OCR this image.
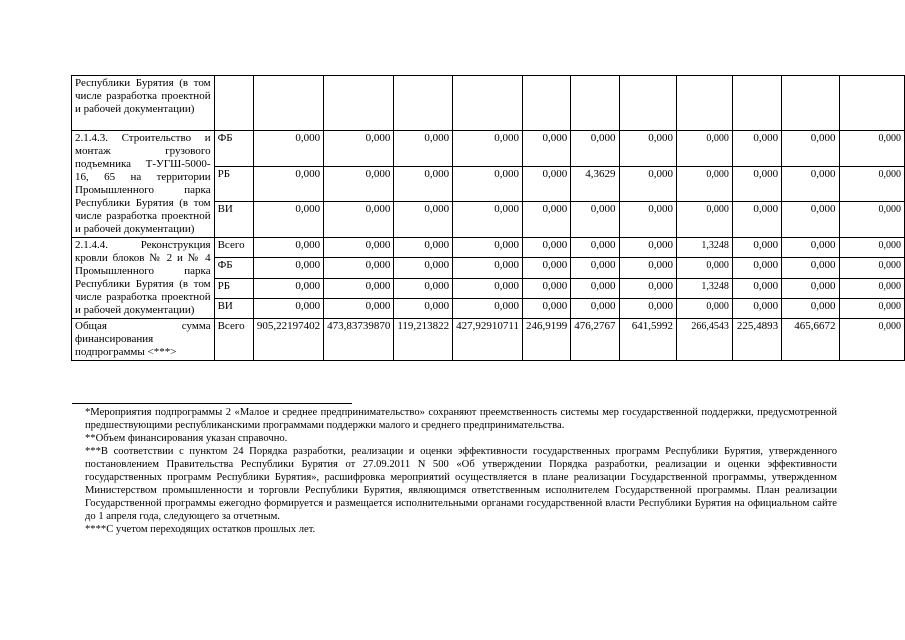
Республики Бурятия (в том числе разработка проектной и рабочей документации)												
2.1.4.3. Строительство и монтаж грузового подъемника Т-УГШ-5000-16, 65 на территории Промышленного парка Республики Бурятия (в том числе разработка проектной и рабочей документации)	ФБ	0,000	0,000	0,000	0,000	0,000	0,000	0,000	0,000	0,000	0,000	0,000
	РБ	0,000	0,000	0,000	0,000	0,000	4,3629	0,000	0,000	0,000	0,000	0,000
	ВИ	0,000	0,000	0,000	0,000	0,000	0,000	0,000	0,000	0,000	0,000	0,000
2.1.4.4. Реконструкция кровли блоков № 2 и № 4 Промышленного парка Республики Бурятия (в том числе разработка проектной и рабочей документации)	Всего	0,000	0,000	0,000	0,000	0,000	0,000	0,000	1,3248	0,000	0,000	0,000
	ФБ	0,000	0,000	0,000	0,000	0,000	0,000	0,000	0,000	0,000	0,000	0,000
	РБ	0,000	0,000	0,000	0,000	0,000	0,000	0,000	1,3248	0,000	0,000	0,000
	ВИ	0,000	0,000	0,000	0,000	0,000	0,000	0,000	0,000	0,000	0,000	0,000
Общая сумма финансирования подпрограммы <***>	Всего	905,22197402	473,83739870	119,213822	427,92910711	246,9199	476,2767	641,5992	266,4543	225,4893	465,6672	0,000

*Мероприятия подпрограммы 2 «Малое и среднее предпринимательство» сохраняют преемственность системы мер государственной поддержки, предусмотренной предшествующими республиканскими программами поддержки малого и среднего предпринимательства.

**Объем финансирования указан справочно.

***В соответствии с пунктом 24 Порядка разработки, реализации и оценки эффективности государственных программ Республики Бурятия, утвержденного постановлением Правительства Республики Бурятия от 27.09.2011 N 500 «Об утверждении Порядка разработки, реализации и оценки эффективности государственных программ Республики Бурятия», расшифровка мероприятий осуществляется в плане реализации Государственной программы, утвержденном Министерством промышленности и торговли Республики Бурятия, являющимся ответственным исполнителем Государственной программы. План реализации Государственной программы ежегодно формируется и размещается исполнительными органами государственной власти Республики Бурятия на официальном сайте до 1 апреля года, следующего за отчетным.

****С учетом переходящих остатков прошлых лет.
